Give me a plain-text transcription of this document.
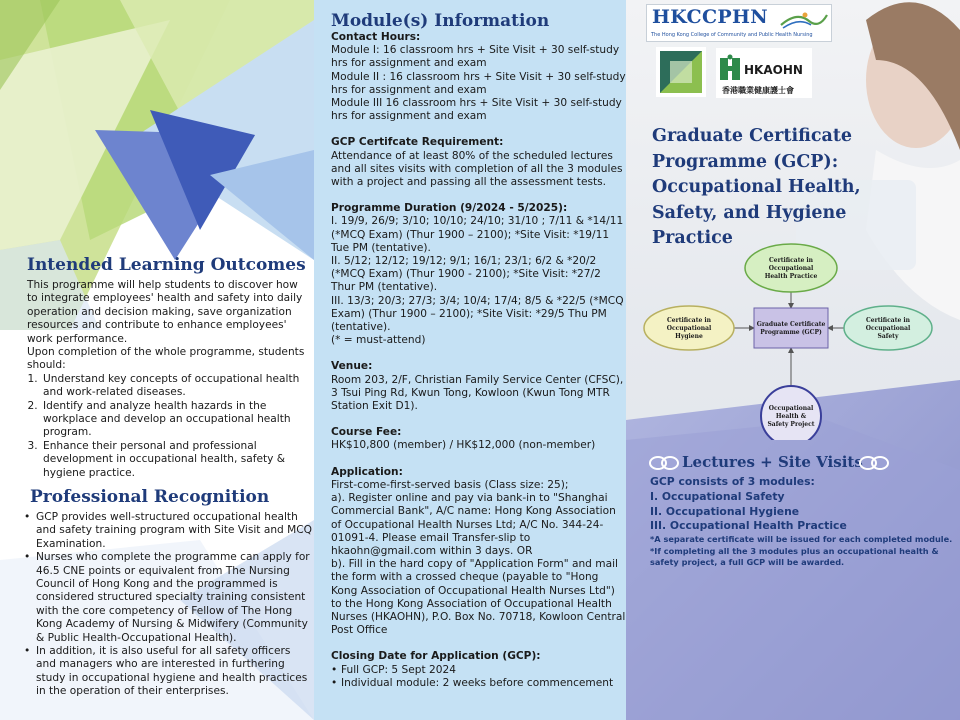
Intended Learning Outcomes
This programme will help students to discover how to integrate employees' health and safety into daily operation and decision making, save organization resources and contribute to enhance employees' work performance.
Upon completion of the whole programme, students should:
1. Understand key concepts of occupational health and work-related diseases.
2. Identify and analyze health hazards in the workplace and develop an occupational health program.
3. Enhance their personal and professional development in occupational health, safety & hygiene practice.
Professional Recognition
• GCP provides well-structured occupational health and safety training program with Site Visit and MCQ Examination.
• Nurses who complete the programme can apply for 46.5 CNE points or equivalent from The Nursing Council of Hong Kong and the programmed is considered structured specialty training consistent with the core competency of Fellow of The Hong Kong Academy of Nursing & Midwifery (Community & Public Health-Occupational Health).
• In addition, it is also useful for all safety officers and managers who are interested in furthering study in occupational hygiene and health practices in the operation of their enterprises.
Module(s) Information
Contact Hours:
Module I: 16 classroom hrs + Site Visit + 30 self-study hrs for assignment and exam
Module II : 16 classroom hrs + Site Visit + 30 self-study hrs for assignment and exam
Module III 16 classroom hrs + Site Visit + 30 self-study hrs for assignment and exam
GCP Certifcate Requirement:
Attendance of at least 80% of the scheduled lectures and all sites visits with completion of all the 3 modules with a project and passing all the assessment tests.
Programme Duration (9/2024 - 5/2025):
I. 19/9, 26/9; 3/10; 10/10; 24/10; 31/10 ; 7/11 & *14/11 (*MCQ Exam) (Thur 1900 – 2100); *Site Visit: *19/11 Tue PM (tentative).
II. 5/12; 12/12; 19/12; 9/1; 16/1; 23/1; 6/2 & *20/2 (*MCQ Exam) (Thur 1900 - 2100); *Site Visit: *27/2 Thur PM (tentative).
III. 13/3; 20/3; 27/3; 3/4; 10/4; 17/4; 8/5 & *22/5 (*MCQ Exam) (Thur 1900 – 2100); *Site Visit: *29/5 Thu PM (tentative).
(* = must-attend)
Venue:
Room 203, 2/F, Christian Family Service Center (CFSC), 3 Tsui Ping Rd, Kwun Tong, Kowloon (Kwun Tong MTR Station Exit D1).
Course Fee:
HK$10,800 (member) / HK$12,000 (non-member)
Application:
First-come-first-served basis (Class size: 25);
a). Register online and pay via bank-in to "Shanghai Commercial Bank", A/C name: Hong Kong Association of Occupational Health Nurses Ltd; A/C No. 344-24-01091-4. Please email Transfer-slip to hkaohn@gmail.com within 3 days. OR
b). Fill in the hard copy of "Application Form" and mail the form with a crossed cheque (payable to "Hong Kong Association of Occupational Health Nurses Ltd") to the Hong Kong Association of Occupational Health Nurses (HKAOHN), P.O. Box No. 70718, Kowloon Central Post Office
Closing Date for Application (GCP):
• Full GCP: 5 Sept 2024
• Individual module: 2 weeks before commencement
HKCCPHN
The Hong Kong College of Community and Public Health Nursing
HKAOHN
香港職業健康護士會
Graduate Certificate Programme (GCP): Occupational Health, Safety, and Hygiene Practice
Certificate in
Occupational
Health Practice
Graduate Certificate
Programme (GCP)
Certificate in
Occupational
Hygiene
Certificate in
Occupational
Safety
Occupational
Health &
Safety Project
Lectures + Site Visits
GCP consists of 3 modules:
I. Occupational Safety
II. Occupational Hygiene
III. Occupational Health Practice
*A separate certificate will be issued for each completed module.
*If completing all the 3 modules plus an occupational health & safety project, a full GCP will be awarded.
